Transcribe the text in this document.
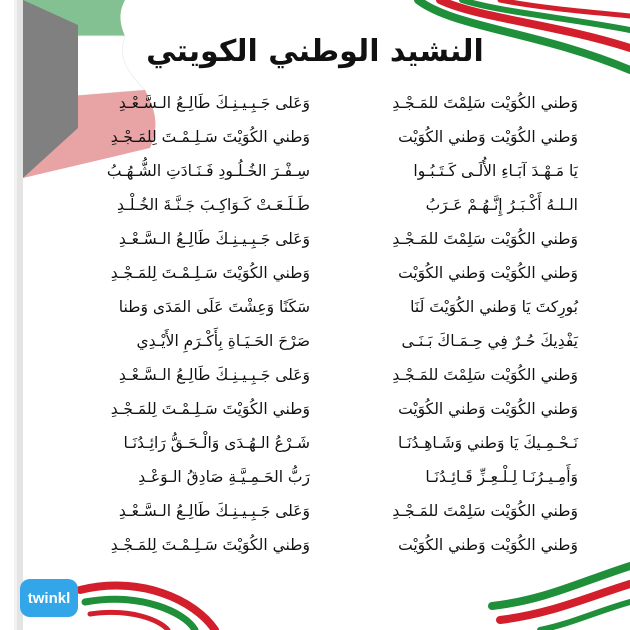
النشيد الوطني الكويتي
وَطني الكُوَيْت سَلِمْتَ للمَـجْـدِ
وَعَلى جَـبِـيـنِـكَ طَالِـعُ الـسَّـعْـدِ
وَطني الكُوَيْت وَطني الكُوَيْت
وَطني الكُوَيْتَ سَـلِـمْـتَ لِلمَـجْـدِ
يَا مَـهْـدَ آبَـاءِ الأُلَـى كَـتَـبُـوا
سِـفْـرَ الخُـلُـودِ فَـنَـادَتِ الشُّـهُـبُ
الـلـهُ أَكْـبَـرُ إِنَّـهُـمْ عَـرَبُ
طَـلَـعَـتْ كَـوَاكِـبَ جَـنَّـةَ الخُـلْـدِ
وَطني الكُوَيْت سَلِمْتَ للمَـجْـدِ
وَعَلى جَـبِـيـنِـكَ طَالِـعُ الـسَّـعْـدِ
وَطني الكُوَيْت وَطني الكُوَيْت
وَطني الكُوَيْتَ سَـلِـمْـتَ لِلمَـجْـدِ
بُورِكتَ يَا وَطني الكُوَيْتَ لَنَا
سَكَنًا وَعِشْتَ عَلَى المَدَى وَطنا
يَفْدِيكَ حُـرٌ فِي حِـمَـاكَ بَـنَـى
صَرْحَ الحَـيَـاةِ بِأَكْـرَمِ الأَيْـدِي
وَطني الكُوَيْت سَلِمْتَ للمَـجْـدِ
وَعَلى جَـبِـيـنِـكَ طَالِـعُ الـسَّـعْـدِ
وَطني الكُوَيْت وَطني الكُوَيْت
وَطني الكُوَيْتَ سَـلِـمْـتَ لِلمَـجْـدِ
نَـحْـمِـيكَ يَا وَطني وَشَـاهِـدُنَـا
شَـرْعُ الـهُـدَى وَالْـحَـقُّ رَائِـدُنَـا
وَأَمِـيـرُنَـا لِـلْـعِـزِّ قَـائِـدُنَـا
رَبُّ الحَـمِـيَّـةِ صَادِقُ الـوَعْـدِ
وَطني الكُوَيْت سَلِمْتَ للمَـجْـدِ
وَعَلى جَـبِـيـنِـكَ طَالِـعُ الـسَّـعْـدِ
وَطني الكُوَيْت وَطني الكُوَيْت
وَطني الكُوَيْتَ سَـلِـمْـتَ لِلمَـجْـدِ
twinkl
